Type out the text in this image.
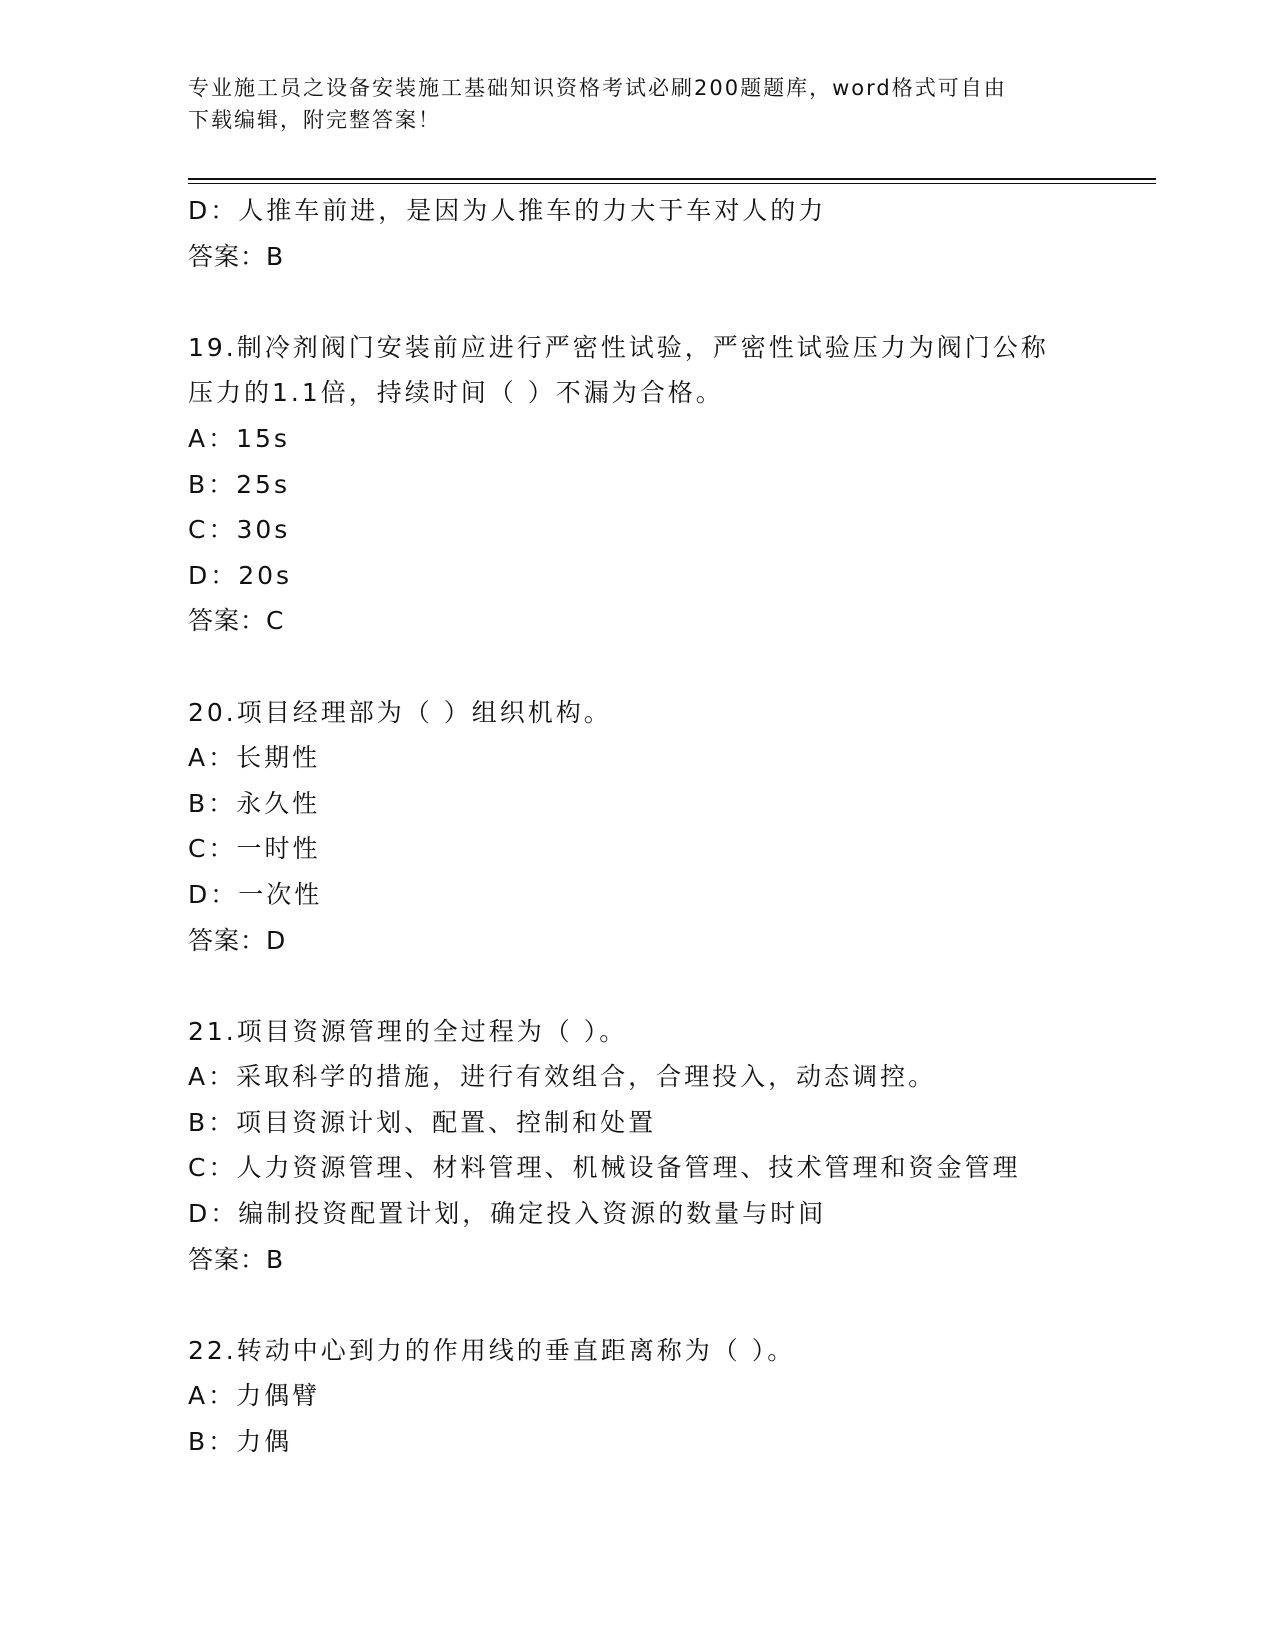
专业施工员之设备安装施工基础知识资格考试必刷200题题库，word格式可自由
下载编辑，附完整答案！
D：人推车前进，是因为人推车的力大于车对人的力
答案：B
19.制冷剂阀门安装前应进行严密性试验，严密性试验压力为阀门公称
压力的1.1倍，持续时间（ ）不漏为合格。
A：15s
B：25s
C：30s
D：20s
答案：C
20.项目经理部为（ ）组织机构。
A：长期性
B：永久性
C：一时性
D：一次性
答案：D
21.项目资源管理的全过程为（ ）。
A：采取科学的措施，进行有效组合，合理投入，动态调控。
B：项目资源计划、配置、控制和处置
C：人力资源管理、材料管理、机械设备管理、技术管理和资金管理
D：编制投资配置计划，确定投入资源的数量与时间
答案：B
22.转动中心到力的作用线的垂直距离称为（ ）。
A：力偶臂
B：力偶
